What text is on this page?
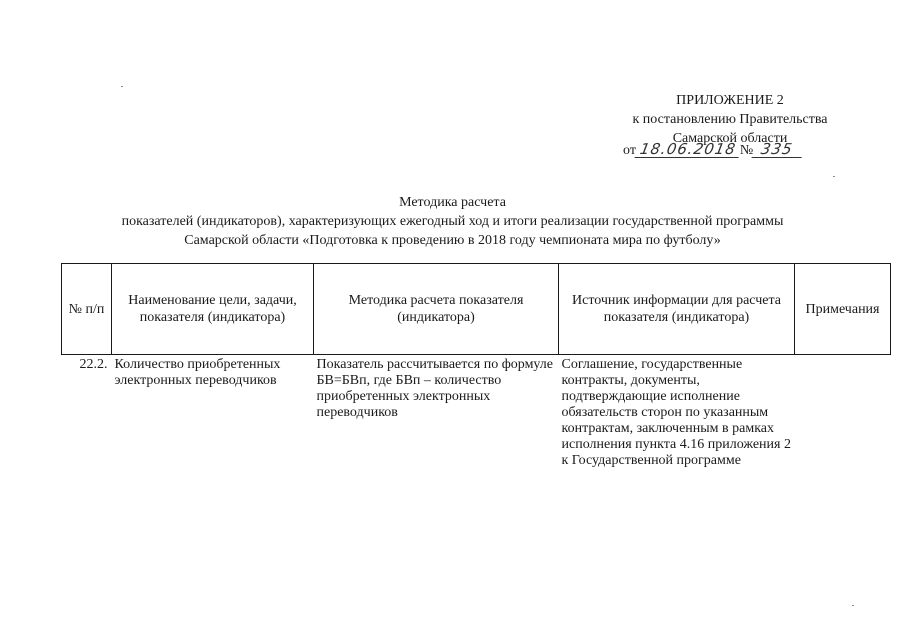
ПРИЛОЖЕНИЕ 2
к постановлению Правительства
Самарской области
от 18.06.2018 № 335
Методика расчета
показателей (индикаторов), характеризующих ежегодный ход и итоги реализации государственной программы
Самарской области «Подготовка к проведению в 2018 году чемпионата мира по футболу»
№ п/п	Наименование цели, задачи, показателя (индикатора)	Методика расчета показателя (индикатора)	Источник информации для расчета показателя (индикатора)	Примечания
22.2.	Количество приобретенных электронных переводчиков	Показатель рассчитывается по формуле БВ=БВп, где БВп – количество приобретенных электронных переводчиков	Соглашение, государственные контракты, документы, подтверждающие исполнение обязательств сторон по указанным контрактам, заключенным в рамках исполнения пункта 4.16 приложения 2 к Государственной программе	
